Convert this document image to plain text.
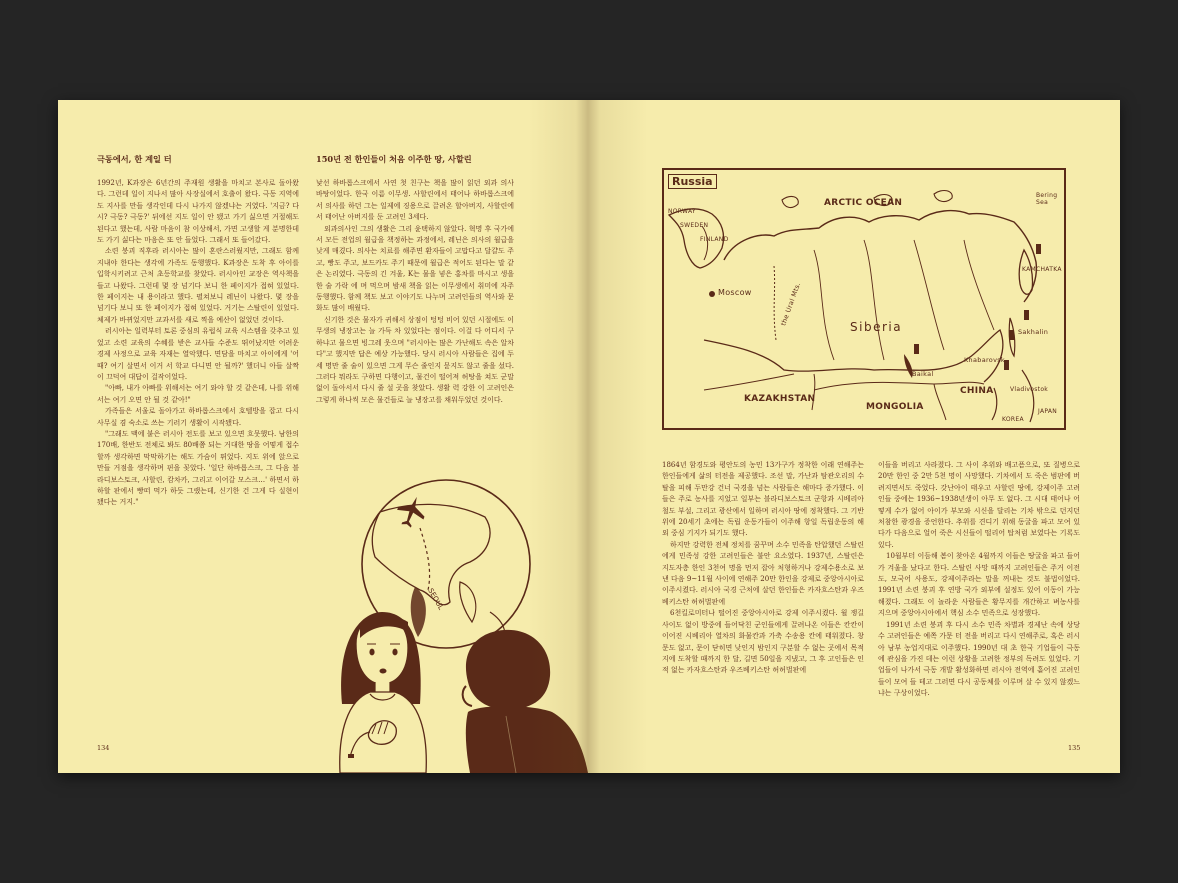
극동에서, 한 계일 터	150년 전 한인들이 처음 이주한 땅, 사할린

1992년, K과장은 6년간의 주재원 생활을 마치고 본사로 돌아왔다. 그런데 일이 지나서 많아 사장실에서 호출이 왔다. 극동 지역에도 지사를 만들 생각인데 다시 나가지 않겠냐는 거였다. '지금? 다시? 극동? 극동?' 뒤에선 지도 일이 안 됐고 가기 싫으면 거절해도 된다고 했는데, 사람 마음이 참 이상해서, 가면 고생할 게 분명한데도 가기 싫다는 마음은 또 안 들었다. 그래서 또 들어갔다.

소련 붕괴 직후라 러시아는 많이 혼란스러웠지만, 그래도 함께 지내야 한다는 생각에 가족도 동행했다. K과장은 도착 후 아이를 입학시키려고 근처 초등학교를 찾았다. 러시아인 교장은 역사책을 들고 나왔다. 그런데 몇 장 넘기다 보니 한 페이지가 접혀 있었다. 한 페이지는 내 용이라고 했다. 펼쳐보니 레닌이 나왔다. 몇 장을 넘기다 보니 또 한 페이지가 접혀 있었다. 거기는 스탈린이 있었다. 체제가 바뀌었지만 교과서를 새로 찍을 예산이 없었던 것이다.

러시아는 일력부터 토론 중심의 유럽식 교육 시스템을 갖추고 있었고 소련 교육의 수혜를 받은 교사들 수준도 뛰어났지만 어려운 경제 사정으로 교육 자재는 열악했다. 면담을 마치고 아이에게 '어때? 여기 살면서 이거 서 학교 다니면 안 될까?' 했더니 아들 살짝이 끄덕여 대답이 걸작이었다.

"아빠, 내가 아빠를 위해서는 여기 와야 할 것 같은데, 나를 위해서는 여기 오면 안 될 것 같아!"

가족들은 서울로 돌아가고 하바롭스크에서 호텔방을 잡고 다시 사무실 겸 숙소로 쓰는 기러기 생활이 시작됐다.

"그래도 맥에 붙은 러시아 전도를 보고 있으면 흐뭇했다. 남한의 170배, 한반도 전체로 봐도 80배쯤 되는 거대한 땅을 어떻게 접수할까 생각하면 막막하기는 해도 가슴이 뛰었다. 지도 위에 앉으로 만들 거점을 생각하며 핀을 꽂았다. '일단 하바롭스크, 그 다음 블라디보스토크, 사할린, 캄차카, 그리고 이어갈 모스크…' 하면서 하하할 판에서 빵떠 먹가 하듯 그랬는데, 신기한 건 그게 다 실현이 됐다는 거지."

낯선 하바롭스크에서 사연 첫 친구는 책을 많이 읽던 외과 의사 바탕이었다. 한국 이름 이무생. 사할린에서 태어나 하바롭스크에서 의사를 하던 그는 일제에 징용으로 끌려온 할아버지, 사할린에서 태어난 아버지를 둔 고려인 3세다.

외과의사인 그의 생활은 그리 윤택하지 않았다. 혁명 후 국가에서 모든 전업의 월급을 책정하는 과정에서, 레닌은 의사의 월급을 낮게 매겼다. 의사는 치료를 해주면 환자들이 고맙다고 달걀도 주고, 빵도 주고, 보드카도 주기 때문에 월급은 적어도 된다는 말 같은 논리였다. 극동의 긴 겨울, K는 물을 넣은 홍차를 마시고 생을 한 술 가락 에 며 먹으며 밤새 책을 읽는 이무생에서 취미에 자주 동행했다. 함께 책도 보고 이야기도 나누며 고려인들의 역사와 문화도 많이 배웠다.

신기한 것은 물자가 귀해서 상점이 텅텅 비어 있던 시절에도 이무생의 냉장고는 늘 가득 차 있었다는 점이다. 이걸 다 어디서 구하냐고 물으면 빙그레 웃으며 "러시아는 많은 가난해도 속은 알차다"고 했지만 답은 예상 가능했다. 당시 러시아 사람들은 집에 두세 명만 줄 술이 있으면 그게 무슨 줄인지 묻지도 않고 줄을 섰다. 그러다 뭐라도 구하면 다행이고, 물건이 떨어져 허탕을 쳐도 군말 없이 돌아서서 다시 줄 설 곳을 찾았다. 생활 력 강한 이 고려인은 그렇게 하나씩 모은 물건들로 늘 냉장고를 채워두었던 것이다.

SEOUL
134
Russia
ARCTIC OCEAN
Bering Sea
NORWAY
SWEDEN
FINLAND
Moscow	the Ural Mts.
Siberia
KAMCHATKA
Sakhalin
Baikal
Khabarovsk
Vladivostok
KAZAKHSTAN
MONGOLIA
CHINA
KOREA
JAPAN

1864년 함경도와 평안도의 농민 13가구가 정착한 이래 연해주는 한인들에게 삶의 터전을 제공했다. 조선 말, 가난과 탐관오리의 수탈을 피해 두만강 건너 국경을 넘는 사람들은 해마다 증가했다. 이 들은 주로 농사를 지었고 일부는 블라디보스토크 군항과 시베리아 철도 부설, 그리고 광산에서 일하며 러시아 땅에 정착했다. 그 기반 위에 20세기 초에는 독립 운동가들이 이주해 항일 독립운동의 해외 중심 기지가 되기도 했다.

하지만 강력한 전체 정치를 꿈꾸며 소수 민족을 탄압했던 스탈린에게 민족성 강한 고려인들은 불안 요소였다. 1937년, 스탈린은 지도자층 한인 3천여 명을 먼저 잡아 처형하거나 강제수용소로 보낸 다음 9~11월 사이에 연해주 20만 한인을 강제로 중앙아시아로 이주시켰다. 러시아 국경 근처에 살던 한인들은 카자흐스탄과 우즈베키스탄 허허벌판에

6천킬로미터나 떨어진 중앙아시아로 강제 이주시켰다. 월 쟁길 사이도 없이 방중에 들어닥친 군인들에게 끌려나온 이들은 칸칸이 이어진 시베리아 열차의 화물칸과 가축 수송용 칸에 태워졌다. 창문도 없고, 문이 닫히면 낮인지 밤인지 구분할 수 없는 곳에서 목적지에 도착할 때까지 한 달, 길면 50일을 지냈고, 그 후 고인들은 인적 없는 카자흐스탄과 우즈베키스탄 허허벌판에

이들을 버리고 사라졌다. 그 사이 추위와 배고픔으로, 또 질병으로 20만 한인 중 2만 5천 명이 사망했다. 기차에서 도 죽은 범판에 버려지면서도 죽었다. 갓난아이 태우고 사할린 땅에, 강제이주 고려인들 중에는 1936~1938년생이 아무 도 없다. 그 시대 태어나 어떻게 수가 없어 아이가 부모와 시신을 달리는 기차 밖으로 던지던 처참한 광경을 증언한다. 추위를 견디기 위해 동굴을 파고 모여 있다가 다음으로 얼어 죽은 시신들이 떨리어 탑처럼 보였다는 기록도 있다.

10월부터 이듬해 봄이 찾아온 4월까지 이들은 땅굴을 파고 들어가 겨울을 났다고 한다. 스탈린 사망 때까지 고려인들은 주거 이전도, 모국어 사용도, 강제이주라는 말을 꺼내는 것도 불법이었다. 1991년 소련 붕괴 후 연방 국가 외부에 설정도 있어 이동이 가능해졌다. 그래도 이 놀라운 사람들은 황무지를 개간하고 벼농사를 지으며 중앙아시아에서 핵심 소수 민족으로 성장했다.

1991년 소련 붕괴 후 다시 소수 민족 차별과 경제난 속에 상당수 고려인들은 예쪽 가문 터 전을 버리고 다시 연해주로, 혹은 러시아 남부 농업지대로 이주했다. 1990년 대 초 한국 기업들이 극동에 관심을 가진 데는 이런 상황을 고려한 정부의 독려도 있었다. 기업들이 나가서 극동 개발 활성화하면 러시아 전역에 흩어진 고려인들이 모여 들 테고 그러면 다시 공동체를 이루며 살 수 있지 않겠느냐는 구상이었다.

135
